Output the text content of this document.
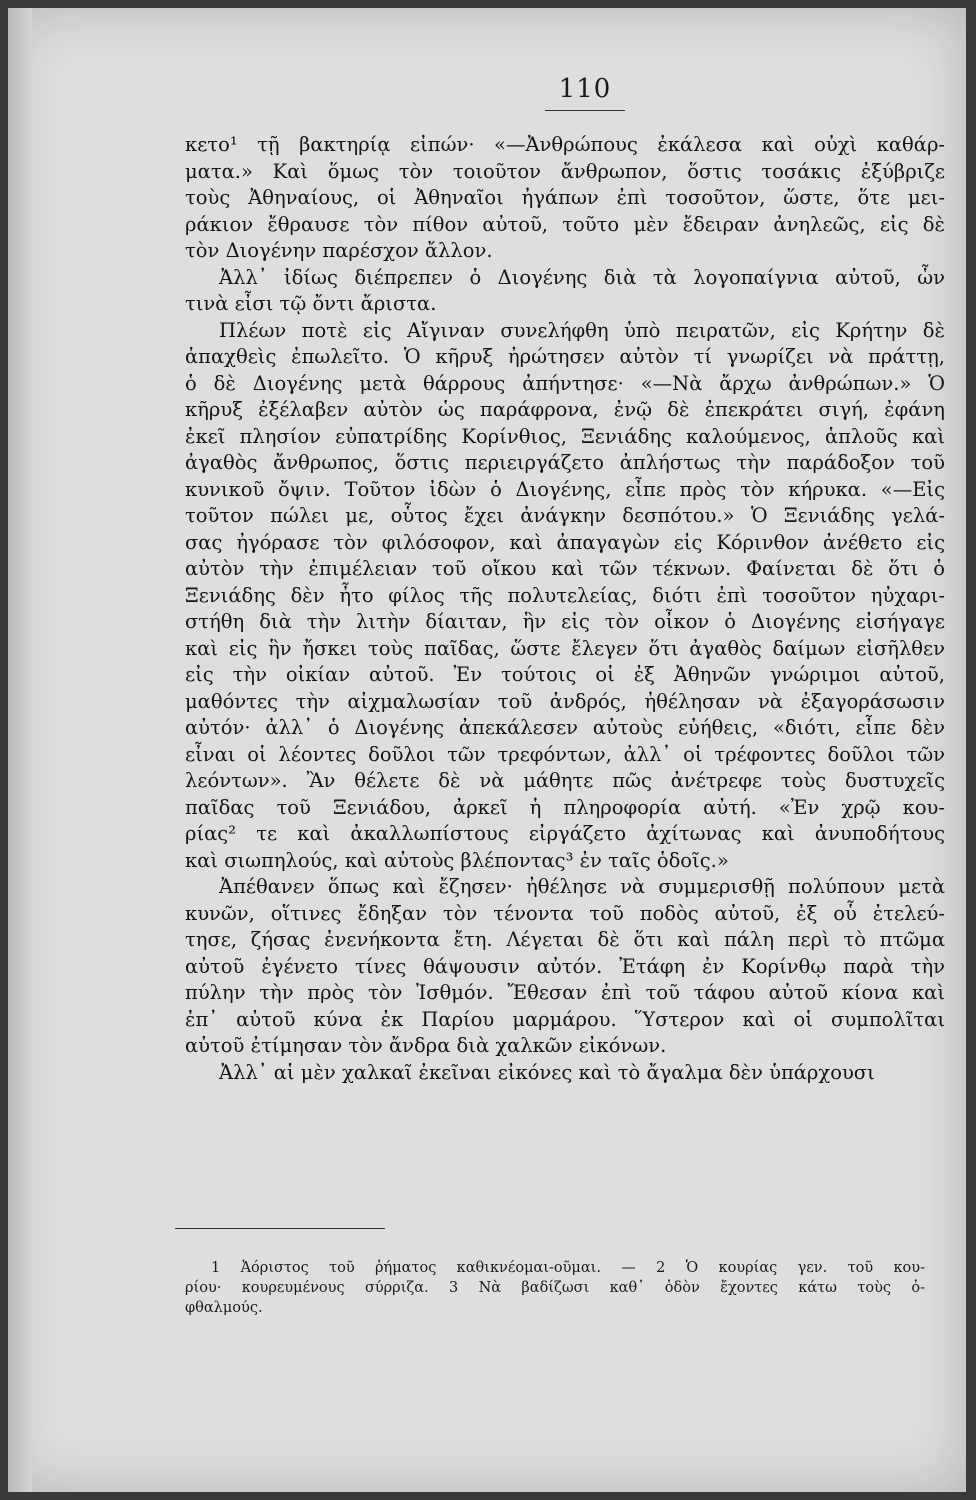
110
κετο¹ τῇ βακτηρίᾳ εἰπών· «—Ἀνθρώπους ἐκάλεσα καὶ οὐχὶ καθάρ-
ματα.» Καὶ ὅμως τὸν τοιοῦτον ἄνθρωπον, ὅστις τοσάκις ἐξύβριζε
τοὺς Ἀθηναίους, οἱ Ἀθηναῖοι ἠγάπων ἐπὶ τοσοῦτον, ὥστε, ὅτε μει-
ράκιον ἔθραυσε τὸν πίθον αὐτοῦ, τοῦτο μὲν ἔδειραν ἀνηλεῶς, εἰς δὲ
τὸν Διογένην παρέσχον ἄλλον.
Ἀλλ᾽ ἰδίως διέπρεπεν ὁ Διογένης διὰ τὰ λογοπαίγνια αὐτοῦ, ὧν
τινὰ εἶσι τῷ ὄντι ἄριστα.
Πλέων ποτὲ εἰς Αἴγιναν συνελήφθη ὑπὸ πειρατῶν, εἰς Κρήτην δὲ
ἀπαχθεὶς ἐπωλεῖτο. Ὁ κῆρυξ ἠρώτησεν αὐτὸν τί γνωρίζει νὰ πράττῃ,
ὁ δὲ Διογένης μετὰ θάρρους ἀπήντησε· «—Νὰ ἄρχω ἀνθρώπων.» Ὁ
κῆρυξ ἐξέλαβεν αὐτὸν ὡς παράφρονα, ἐνῷ δὲ ἐπεκράτει σιγή, ἐφάνη
ἐκεῖ πλησίον εὐπατρίδης Κορίνθιος, Ξενιάδης καλούμενος, ἁπλοῦς καὶ
ἀγαθὸς ἄνθρωπος, ὅστις περιειργάζετο ἀπλήστως τὴν παράδοξον τοῦ
κυνικοῦ ὄψιν. Τοῦτον ἰδὼν ὁ Διογένης, εἶπε πρὸς τὸν κήρυκα. «—Εἰς
τοῦτον πώλει με, οὗτος ἔχει ἀνάγκην δεσπότου.» Ὁ Ξενιάδης γελά-
σας ἠγόρασε τὸν φιλόσοφον, καὶ ἀπαγαγὼν εἰς Κόρινθον ἀνέθετο εἰς
αὐτὸν τὴν ἐπιμέλειαν τοῦ οἴκου καὶ τῶν τέκνων. Φαίνεται δὲ ὅτι ὁ
Ξενιάδης δὲν ἦτο φίλος τῆς πολυτελείας, διότι ἐπὶ τοσοῦτον ηὐχαρι-
στήθη διὰ τὴν λιτὴν δίαιταν, ἣν εἰς τὸν οἶκον ὁ Διογένης εἰσήγαγε
καὶ εἰς ἣν ἤσκει τοὺς παῖδας, ὥστε ἔλεγεν ὅτι ἀγαθὸς δαίμων εἰσῆλθεν
εἰς τὴν οἰκίαν αὐτοῦ. Ἐν τούτοις οἱ ἐξ Ἀθηνῶν γνώριμοι αὐτοῦ,
μαθόντες τὴν αἰχμαλωσίαν τοῦ ἀνδρός, ἠθέλησαν νὰ ἐξαγοράσωσιν
αὐτόν· ἀλλ᾽ ὁ Διογένης ἀπεκάλεσεν αὐτοὺς εὐήθεις, «διότι, εἶπε δὲν
εἶναι οἱ λέοντες δοῦλοι τῶν τρεφόντων, ἀλλ᾽ οἱ τρέφοντες δοῦλοι τῶν
λεόντων». Ἂν θέλετε δὲ νὰ μάθητε πῶς ἀνέτρεφε τοὺς δυστυχεῖς
παῖδας τοῦ Ξενιάδου, ἀρκεῖ ἡ πληροφορία αὐτή. «Ἐν χρῷ κου-
ρίας² τε καὶ ἀκαλλωπίστους εἰργάζετο ἀχίτωνας καὶ ἀνυποδήτους
καὶ σιωπηλούς, καὶ αὐτοὺς βλέποντας³ ἐν ταῖς ὁδοῖς.»
Ἀπέθανεν ὅπως καὶ ἔζησεν· ἠθέλησε νὰ συμμερισθῇ πολύπουν μετὰ
κυνῶν, οἵτινες ἔδηξαν τὸν τένοντα τοῦ ποδὸς αὐτοῦ, ἐξ οὗ ἐτελεύ-
τησε, ζήσας ἐνενήκοντα ἔτη. Λέγεται δὲ ὅτι καὶ πάλη περὶ τὸ πτῶμα
αὐτοῦ ἐγένετο τίνες θάψουσιν αὐτόν. Ἐτάφη ἐν Κορίνθῳ παρὰ τὴν
πύλην τὴν πρὸς τὸν Ἰσθμόν. Ἔθεσαν ἐπὶ τοῦ τάφου αὐτοῦ κίονα καὶ
ἐπ᾽ αὐτοῦ κύνα ἐκ Παρίου μαρμάρου. Ὕστερον καὶ οἱ συμπολῖται
αὐτοῦ ἐτίμησαν τὸν ἄνδρα διὰ χαλκῶν εἰκόνων.
Ἀλλ᾽ αἱ μὲν χαλκαῖ ἐκεῖναι εἰκόνες καὶ τὸ ἄγαλμα δὲν ὑπάρχουσι
1 Ἀόριστος τοῦ ῥήματος καθικνέομαι-οῦμαι. — 2 Ὁ κουρίας γεν. τοῦ κου-
ρίου· κουρευμένους σύρριζα. 3 Νὰ βαδίζωσι καθ᾽ ὁδὸν ἔχοντες κάτω τοὺς ὀ-
φθαλμούς.
